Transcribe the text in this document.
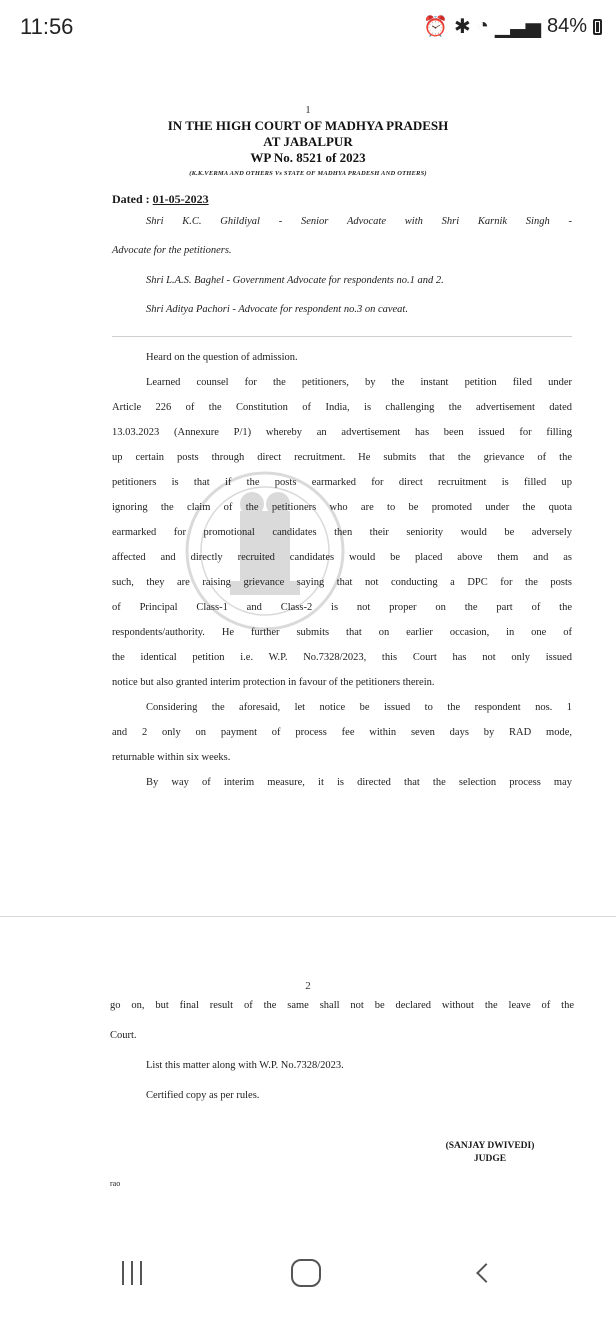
11:56	⏰ ✱ ◔ ▁▃▅ 84%
1
IN THE HIGH COURT OF MADHYA PRADESH
AT JABALPUR
WP No. 8521 of 2023
(K.K.VERMA AND OTHERS Vs STATE OF MADHYA PRADESH AND OTHERS)
Dated : 01-05-2023
Shri K.C. Ghildiyal - Senior Advocate with Shri Karnik Singh -
Advocate for the petitioners.
Shri L.A.S. Baghel - Government Advocate for respondents no.1 and 2.
Shri Aditya Pachori - Advocate for respondent no.3 on caveat.
Heard on the question of admission.
Learned counsel for the petitioners, by the instant petition filed under
Article 226 of the Constitution of India, is challenging the advertisement dated
13.03.2023 (Annexure P/1) whereby an advertisement has been issued for filling
up certain posts through direct recruitment. He submits that the grievance of the
petitioners is that if the posts earmarked for direct recruitment is filled up
ignoring the claim of the petitioners who are to be promoted under the quota
earmarked for promotional candidates then their seniority would be adversely
affected and directly recruited candidates would be placed above them and as
such, they are raising grievance saying that not conducting a DPC for the posts
of Principal Class-1 and Class-2 is not proper on the part of the
respondents/authority. He further submits that on earlier occasion, in one of
the identical petition i.e. W.P. No.7328/2023, this Court has not only issued
notice but also granted interim protection in favour of the petitioners therein.
Considering the aforesaid, let notice be issued to the respondent nos. 1
and 2 only on payment of process fee within seven days by RAD mode,
returnable within six weeks.
By way of interim measure, it is directed that the selection process may
2
go on, but final result of the same shall not be declared without the leave of the
Court.
List this matter along with W.P. No.7328/2023.
Certified copy as per rules.
(SANJAY DWIVEDI)
JUDGE
rao
